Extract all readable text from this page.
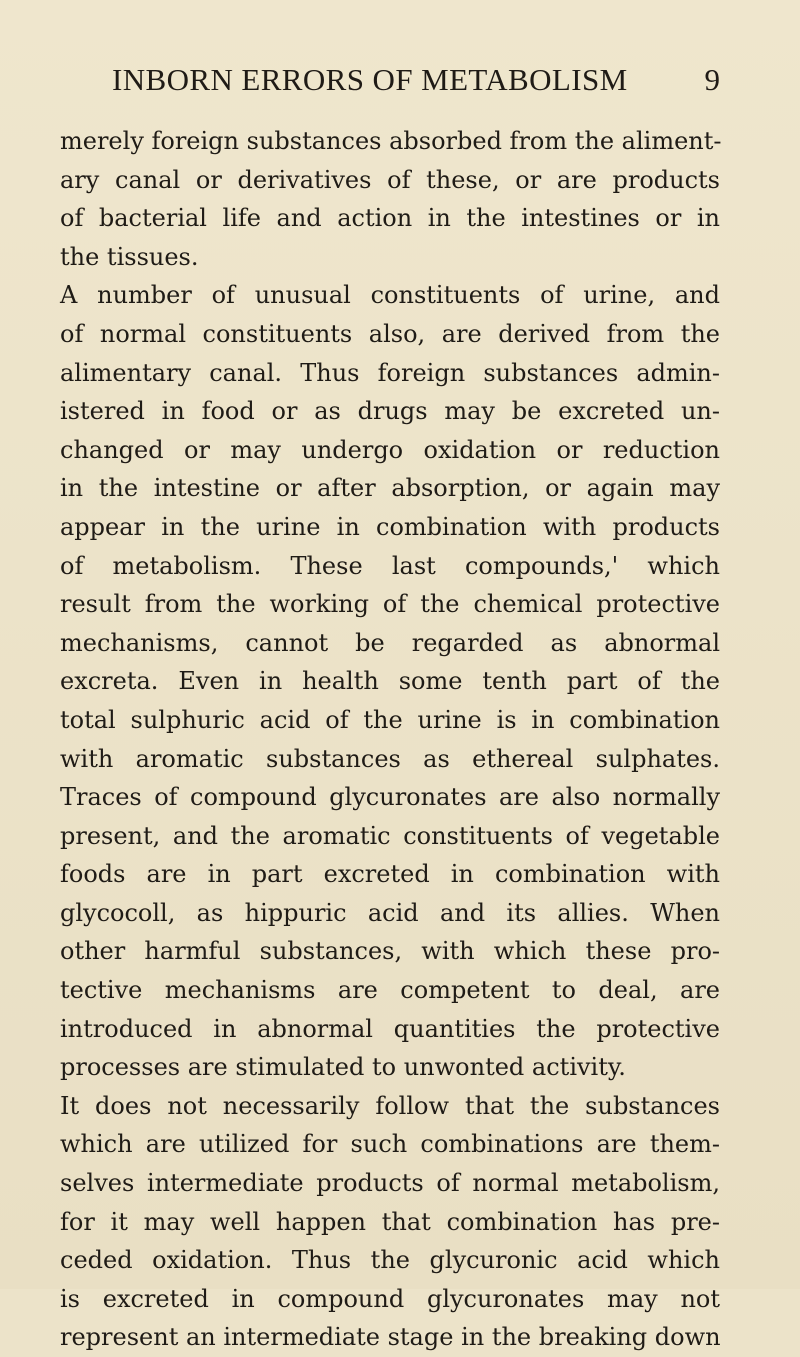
INBORN ERRORS OF METABOLISM 9
merely foreign substances absorbed from the aliment-
ary canal or derivatives of these, or are products
of bacterial life and action in the intestines or in
the tissues.
A number of unusual constituents of urine, and
of normal constituents also, are derived from the
alimentary canal. Thus foreign substances admin-
istered in food or as drugs may be excreted un-
changed or may undergo oxidation or reduction
in the intestine or after absorption, or again may
appear in the urine in combination with products
of metabolism. These last compounds,' which
result from the working of the chemical protective
mechanisms, cannot be regarded as abnormal
excreta. Even in health some tenth part of the
total sulphuric acid of the urine is in combination
with aromatic substances as ethereal sulphates.
Traces of compound glycuronates are also normally
present, and the aromatic constituents of vegetable
foods are in part excreted in combination with
glycocoll, as hippuric acid and its allies. When
other harmful substances, with which these pro-
tective mechanisms are competent to deal, are
introduced in abnormal quantities the protective
processes are stimulated to unwonted activity.
It does not necessarily follow that the substances
which are utilized for such combinations are them-
selves intermediate products of normal metabolism,
for it may well happen that combination has pre-
ceded oxidation. Thus the glycuronic acid which
is excreted in compound glycuronates may not
represent an intermediate stage in the breaking down
